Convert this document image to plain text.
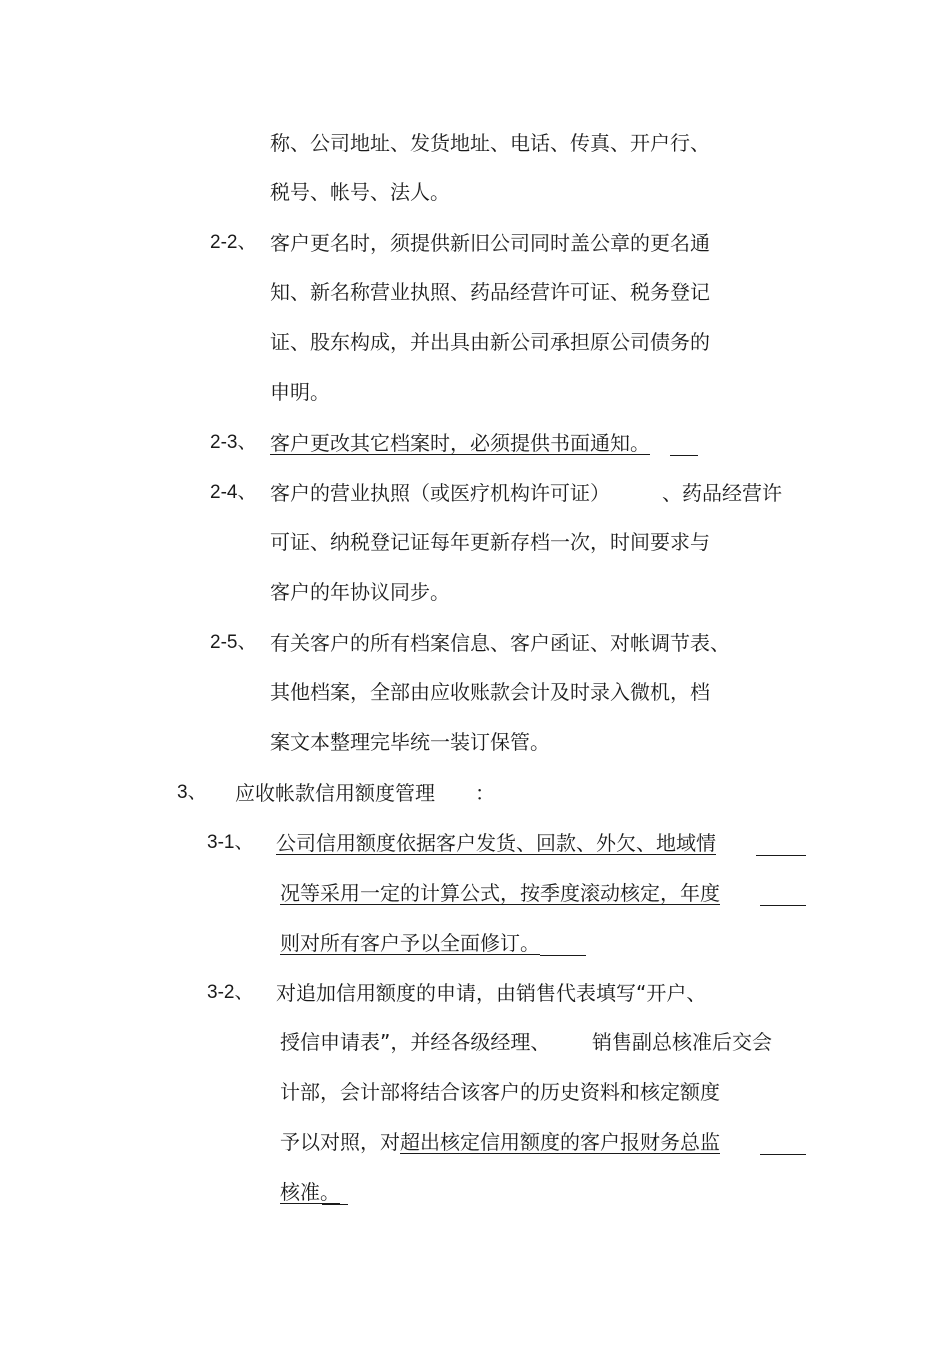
称、公司地址、发货地址、电话、传真、开户行、
税号、帐号、法人。
2-2、 客户更名时，须提供新旧公司同时盖公章的更名通
知、新名称营业执照、药品经营许可证、税务登记
证、股东构成，并出具由新公司承担原公司债务的
申明。
2-3、 客户更改其它档案时，必须提供书面通知。
2-4、 客户的营业执照（或医疗机构许可证）	、药品经营许
可证、纳税登记证每年更新存档一次，时间要求与
客户的年协议同步。
2-5、 有关客户的所有档案信息、客户函证、对帐调节表、
其他档案，全部由应收账款会计及时录入微机，档
案文本整理完毕统一装订保管。
3、 应收帐款信用额度管理 ：
3-1、 公司信用额度依据客户发货、回款、外欠、地域情
况等采用一定的计算公式，按季度滚动核定，年度
则对所有客户予以全面修订。
3-2、 对追加信用额度的申请，由销售代表填写“开户、
授信申请表”，并经各级经理、 销售副总核准后交会
计部，会计部将结合该客户的历史资料和核定额度
予以对照，对 超出核定信用额度的客户报财务总监
核准。
